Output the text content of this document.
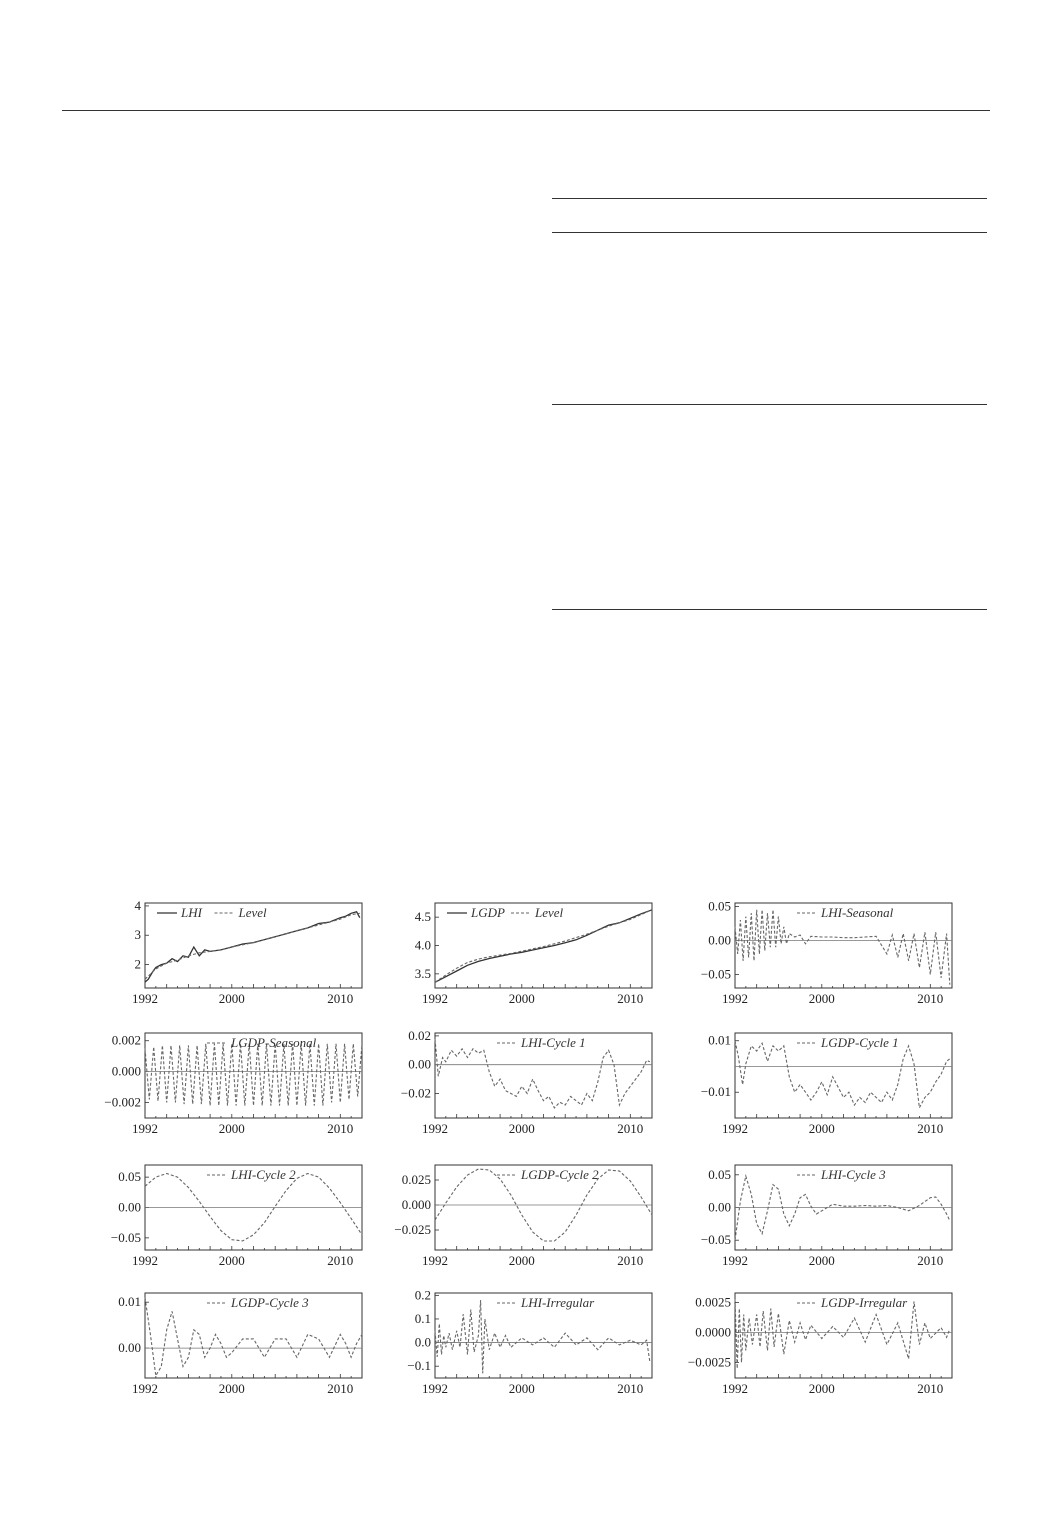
1992	2000	2010
2
3
4	LHI	Level
1992	2000	2010
3.5
4.0
4.5	LGDP Level
1992	2000	2010
0.05
0.00
−0.05
LHI-Seasonal
1992	2000	2010
0.002
0.000
−0.002
LGDP-Seasonal
1992	2000	2010
0.02
0.00
−0.02
LHI-Cycle 1
1992	2000	2010
0.01
−0.01
LGDP-Cycle 1
1992	2000	2010
0.05
0.00
−0.05
LHI-Cycle 2
1992	2000	2010
0.025
0.000
−0.025
LGDP-Cycle 2
1992	2000	2010
0.05
0.00
−0.05
LHI-Cycle 3
1992	2000	2010
0.01
0.00
LGDP-Cycle 3
1992	2000	2010
0.2
0.1
0.0
−0.1
LHI-Irregular
1992	2000	2010
0.0025
0.0000
−0.0025
LGDP-Irregular
